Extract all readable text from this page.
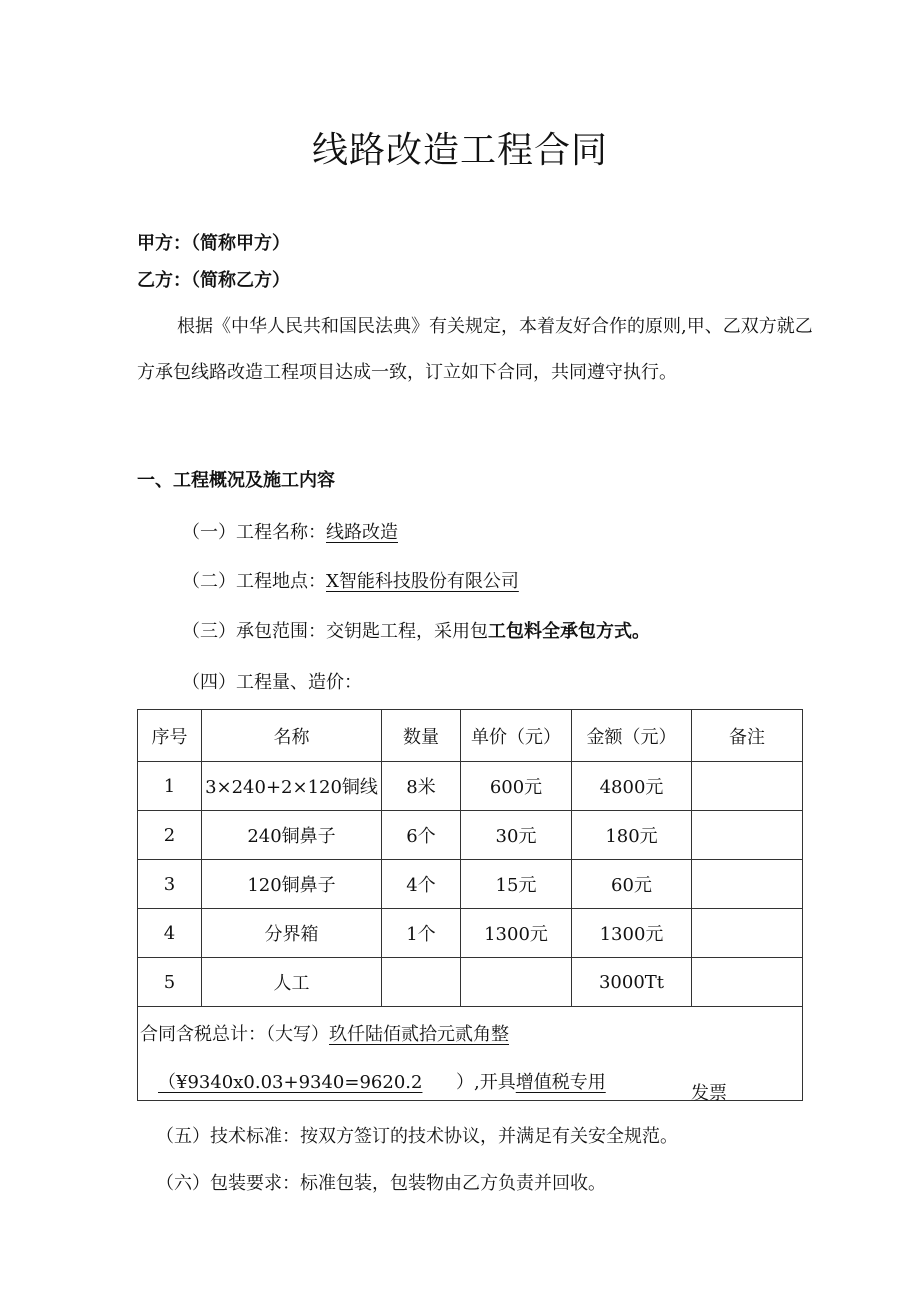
线路改造工程合同
甲方：（简称甲方）
乙方：（简称乙方）

根据《中华人民共和国民法典》有关规定，本着友好合作的原则,甲、乙双方就乙方承包线路改造工程项目达成一致，订立如下合同，共同遵守执行。

一、工程概况及施工内容
（一）工程名称：线路改造
（二）工程地点：X智能科技股份有限公司
（三）承包范围：交钥匙工程，采用包工包料全承包方式。
（四）工程量、造价：
序号	名称	数量	单价（元）	金额（元）	备注
1	3×240+2×120铜线	8米	600元	4800元	
2	240铜鼻子	6个	30元	180元	
3	120铜鼻子	4个	15元	60元	
4	分界箱	1个	1300元	1300元	
5	人工			3000Tt	

合同含税总计：（大写）玖仟陆佰贰拾元贰角整
（¥9340x0.03+9340=9620.2 ）,开具增值税专用
发票					
（五）技术标准：按双方签订的技术协议，并满足有关安全规范。
（六）包装要求：标准包装，包装物由乙方负责并回收。
